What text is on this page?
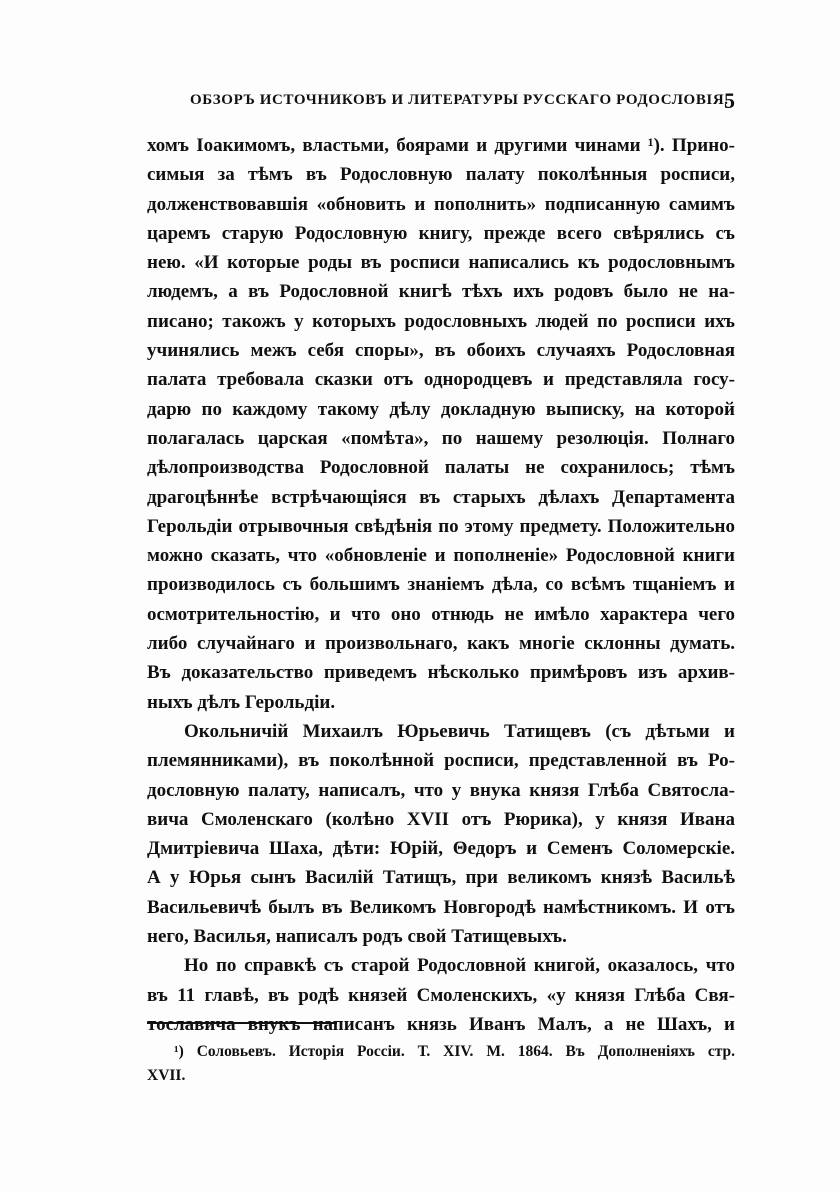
ОБЗОРЪ ИСТОЧНИКОВЪ И ЛИТЕРАТУРЫ РУССКАГО РОДОСЛОВІЯ.
5
хомъ Іоакимомъ, властьми, боярами и другими чинами ¹). Прино-
симыя за тѣмъ въ Родословную палату поколѣнныя росписи,
долженствовавшія «обновить и пополнить» подписанную самимъ
царемъ старую Родословную книгу, прежде всего свѣрялись съ
нею. «И которые роды въ росписи написались къ родословнымъ
людемъ, а въ Родословной книгѣ тѣхъ ихъ родовъ было не на-
писано; такожъ у которыхъ родословныхъ людей по росписи ихъ
учинялись межъ себя споры», въ обоихъ случаяхъ Родословная
палата требовала сказки отъ однородцевъ и представляла госу-
дарю по каждому такому дѣлу докладную выписку, на которой
полагалась царская «помѣта», по нашему резолюція. Полнаго
дѣлопроизводства Родословной палаты не сохранилось; тѣмъ
драгоцѣннѣе встрѣчающіяся въ старыхъ дѣлахъ Департамента
Герольдіи отрывочныя свѣдѣнія по этому предмету. Положительно
можно сказать, что «обновленіе и пополненіе» Родословной книги
производилось съ большимъ знаніемъ дѣла, со всѣмъ тщаніемъ и
осмотрительностію, и что оно отнюдь не имѣло характера чего
либо случайнаго и произвольнаго, какъ многіе склонны думать.
Въ доказательство приведемъ нѣсколько примѣровъ изъ архив-
ныхъ дѣлъ Герольдіи.
Окольничій Михаилъ Юрьевичь Татищевъ (съ дѣтьми и
племянниками), въ поколѣнной росписи, представленной въ Ро-
дословную палату, написалъ, что у внука князя Глѣба Святосла-
вича Смоленскаго (колѣно XVII отъ Рюрика), у князя Ивана
Дмитріевича Шаха, дѣти: Юрій, Θедоръ и Семенъ Соломерскіе.
А у Юрья сынъ Василій Татищъ, при великомъ князѣ Васильѣ
Васильевичѣ былъ въ Великомъ Новгородѣ намѣстникомъ. И отъ
него, Василья, написалъ родъ свой Татищевыхъ.
Но по справкѣ съ старой Родословной книгой, оказалось, что
въ 11 главѣ, въ родѣ князей Смоленскихъ, «у князя Глѣба Свя-
тославича внукъ написанъ князь Иванъ Малъ, а не Шахъ, и
¹) Соловьевъ. Исторія Россіи. Т. XIV. М. 1864. Въ Дополненіяхъ стр.
XVII.
